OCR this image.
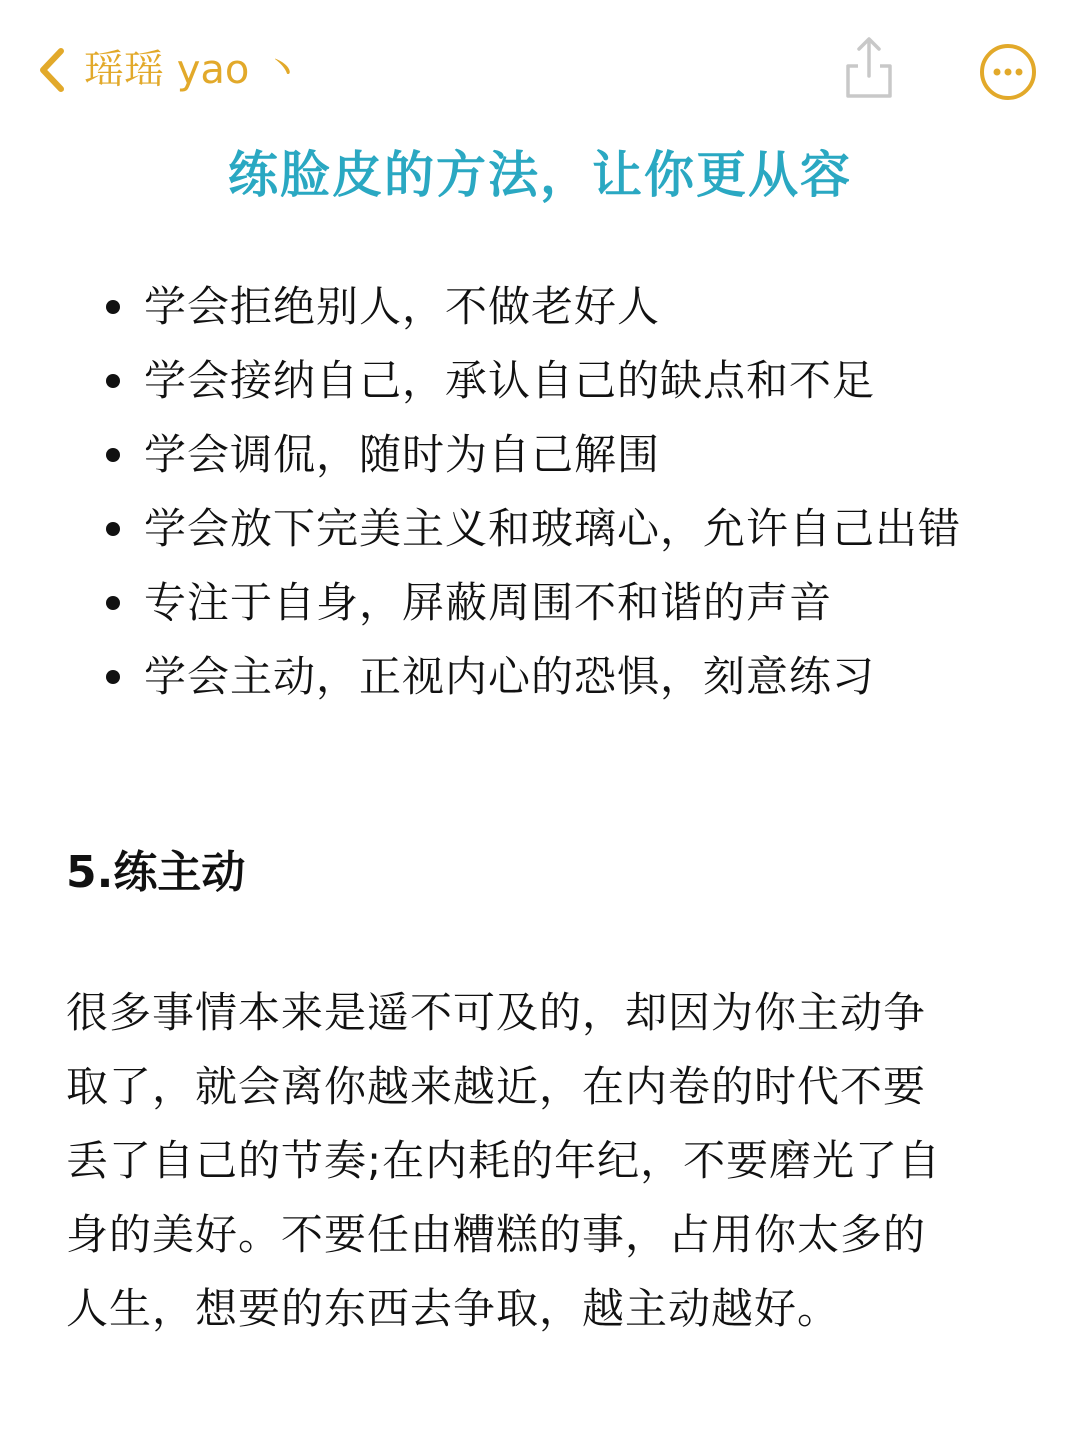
瑶瑶 yao 丶
练脸皮的方法，让你更从容
学会拒绝别人，不做老好人
学会接纳自己，承认自己的缺点和不足
学会调侃，随时为自己解围
学会放下完美主义和玻璃心，允许自己出错
专注于自身，屏蔽周围不和谐的声音
学会主动，正视内心的恐惧，刻意练习
5.练主动
很多事情本来是遥不可及的，却因为你主动争
取了，就会离你越来越近，在内卷的时代不要
丢了自己的节奏;在内耗的年纪，不要磨光了自
身的美好。不要任由糟糕的事，占用你太多的
人生，想要的东西去争取，越主动越好。
